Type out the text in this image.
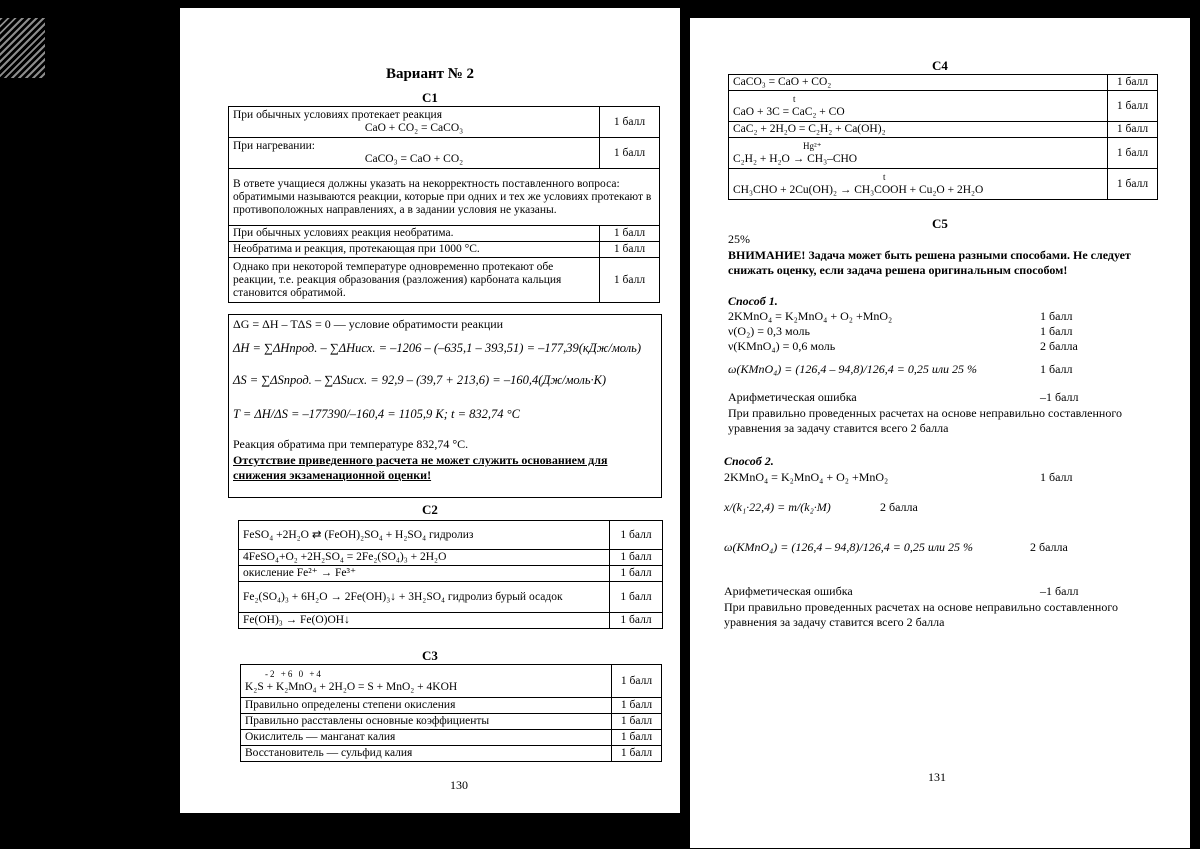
Вариант № 2
С1
При обычных условиях протекает реакция
CaO + CO₂ = CaCO₃	1 балл

При нагревании:
CaCO₃ = CaO + CO₂	1 балл
В ответе учащиеся должны указать на некорректность поставленного вопроса: обратимыми называются реакции, которые при одних и тех же условиях протекают в противоположных направлениях, а в задании условия не указаны.	
При обычных условиях реакция необратима.	1 балл
Необратима и реакция, протекающая при 1000 °С.	1 балл
Однако при некоторой температуре одновременно протекают обе реакции, т.е. реакция образования (разложения) карбоната кальция становится обратимой.	1 балл
ΔG = ΔH – TΔS = 0 — условие обратимости реакции
ΔH = ∑ΔHпрод. – ∑ΔHисх. = –1206 – (–635,1 – 393,51) = –177,39(кДж/моль)
ΔS = ∑ΔSпрод. – ∑ΔSисх. = 92,9 – (39,7 + 213,6) = –160,4(Дж/моль·К)
T = ΔH/ΔS = –177390/–160,4 = 1105,9 K; t = 832,74 °C
Реакция обратима при температуре 832,74 °С.
Отсутствие приведенного расчета не может служить основанием для снижения экзаменационной оценки!
С2
FeSO₄ +2H₂O ⇄ (FeOH)₂SO₄ + H₂SO₄ гидролиз	1 балл
4FeSO₄+O₂ +2H₂SO₄ = 2Fe₂(SO₄)₃ + 2H₂O	1 балл
окисление Fe²⁺ → Fe³⁺	1 балл
Fe₂(SO₄)₃ + 6H₂O → 2Fe(OH)₃↓ + 3H₂SO₄ гидролиз бурый осадок	1 балл
Fe(OH)₃ → Fe(O)OH↓	1 балл
С3
-2 +6 0 +4
K₂S + K₂MnO₄ + 2H₂O = S + MnO₂ + 4KOH	1 балл
Правильно определены степени окисления	1 балл
Правильно расставлены основные коэффициенты	1 балл
Окислитель — манганат калия	1 балл
Восстановитель — сульфид калия	1 балл
130
С4
CaCO₃ = CaO + CO₂	1 балл

t
CaO + 3C = CaC₂ + CO	1 балл
CaC₂ + 2H₂O = C₂H₂ + Ca(OH)₂	1 балл

Hg²⁺
C₂H₂ + H₂O → CH₃–CHO	1 балл

t
CH₃CHO + 2Cu(OH)₂ → CH₃COOH + Cu₂O + 2H₂O	1 балл
С5
25%
ВНИМАНИЕ! Задача может быть решена разными способами. Не следует снижать оценку, если задача решена оригинальным способом!
Способ 1.
2KMnO₄ = K₂MnO₄ + O₂ +MnO₂	1 балл
ν(O₂) = 0,3 моль	1 балл
ν(KMnO₄) = 0,6 моль	2 балла
ω(KMnO₄) = (126,4 – 94,8)/126,4 = 0,25 или 25 %	1 балл
Арифметическая ошибка	–1 балл
При правильно проведенных расчетах на основе неправильно составленного уравнения за задачу ставится всего 2 балла
Способ 2.
2KMnO₄ = K₂MnO₄ + O₂ +MnO₂	1 балл
x/(k₁·22,4) = m/(k₂·M)	2 балла
ω(KMnO₄) = (126,4 – 94,8)/126,4 = 0,25 или 25 %	2 балла
Арифметическая ошибка	–1 балл
При правильно проведенных расчетах на основе неправильно составленного уравнения за задачу ставится всего 2 балла
131
